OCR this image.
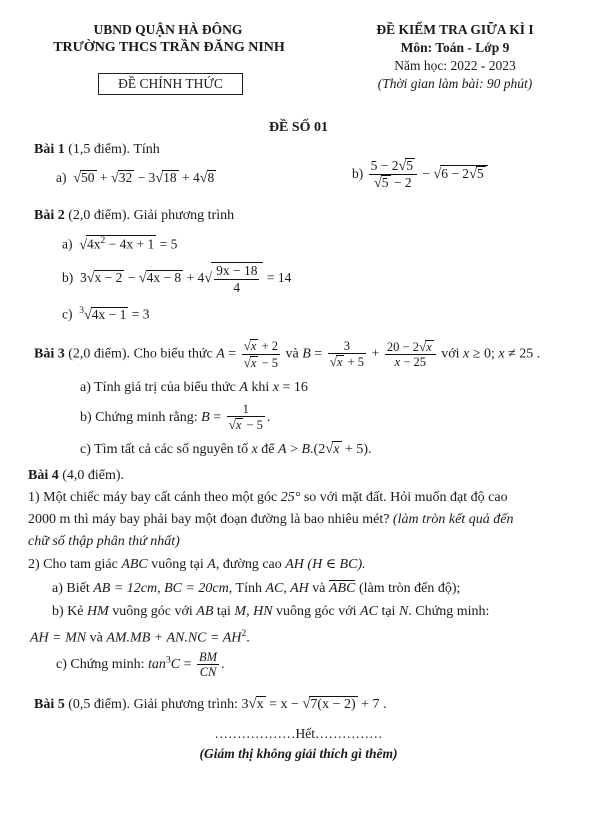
UBND QUẬN HÀ ĐÔNG
TRƯỜNG THCS TRẦN ĐĂNG NINH
ĐỀ CHÍNH THỨC
ĐỀ KIỂM TRA GIỮA KÌ I
Môn: Toán - Lớp 9
Năm học: 2022 - 2023
(Thời gian làm bài: 90 phút)
ĐỀ SỐ 01
Bài 1 (1,5 điểm). Tính
a) √50 + √32 − 3√18 + 4√8	$b) \frac{5 - 2√5}{√5 - 2} - √6 - 2√5$
Bài 2 (2,0 điểm). Giải phương trình
a) $√4x^2 - 4x + 1 = 5$
b)  $3√x - 2 - √4x - 8 + 4√ \frac{9x - 18}{4} = 14$
c) $^3$√4x − 1 = 3
Bài 3 (2,0 điểm). Cho biểu thức $A = \frac{√x + 2}{√x - 5}$ và $B = \frac{3}{√x + 5} + \frac{20 - 2√x}{x - 25}$ với x ≥ 0; x ≠ 25 .
a) Tính giá trị của biểu thức A khi x = 16
b) Chứng minh rằng: $B = \frac{1}{√x - 5}$ .
c) Tìm tất cả các số nguyên tố x để A > B.(2√x + 5).
Bài 4 (4,0 điểm).
1) Một chiếc máy bay cất cánh theo một góc 25° so với mặt đất. Hỏi muốn đạt độ cao
2000 m thì máy bay phải bay một đoạn đường là bao nhiêu mét? (làm tròn kết quả đến
chữ số thập phân thứ nhất)
2) Cho tam giác ABC vuông tại A, đường cao AH (H ∈ BC).
a) Biết AB = 12cm, BC = 20cm, Tính AC, AH và ABC (làm tròn đến độ);
b) Kẻ HM vuông góc với AB tại M, HN vuông góc với AC tại N. Chứng minh:
AH = MN và $AM.MB + AN.NC = AH^2$.
c) Chứng minh: $\tan^3C = \frac{BM}{CN}$ .
Bài 5 (0,5 điểm). Giải phương trình: 3√x = x − √7(x − 2) + 7 .
………………Hết……………
(Giám thị không giải thích gì thêm)
